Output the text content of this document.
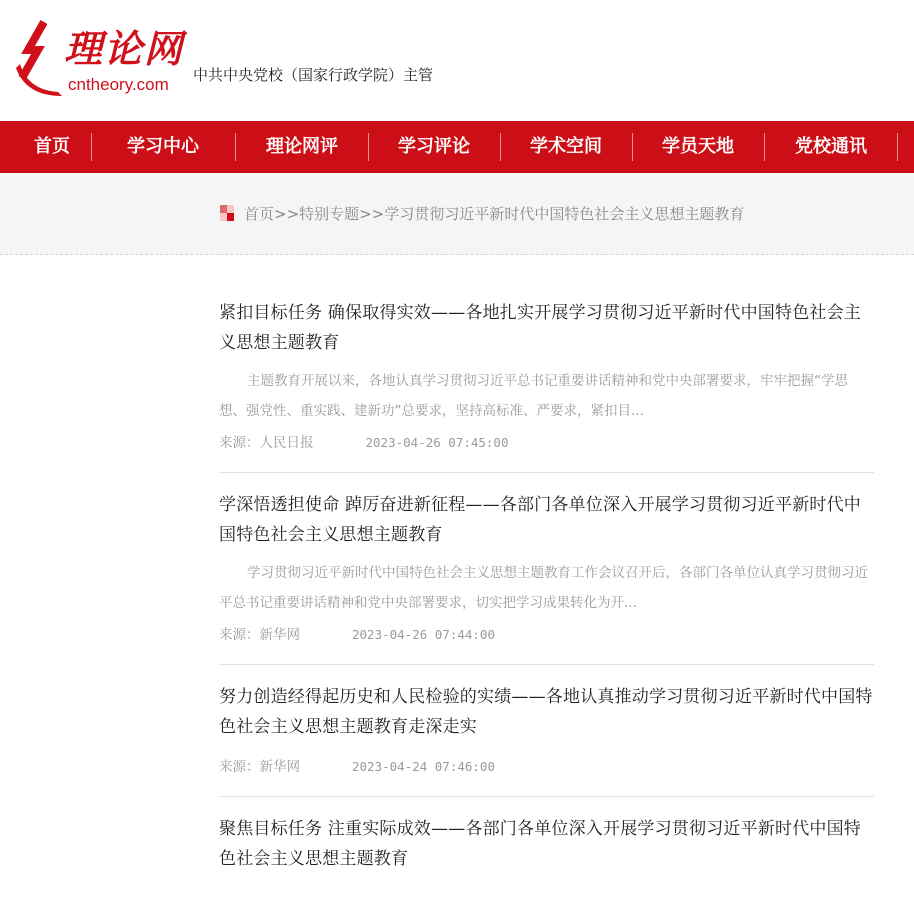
理论网
cntheory.com 中共中央党校（国家行政学院）主管
首页	学习中心	理论网评	学习评论	学术空间	学员天地	党校通讯
首页>>特别专题>>学习贯彻习近平新时代中国特色社会主义思想主题教育
紧扣目标任务 确保取得实效——各地扎实开展学习贯彻习近平新时代中国特色社会主义思想主题教育
主题教育开展以来，各地认真学习贯彻习近平总书记重要讲话精神和党中央部署要求，牢牢把握“学思想、强党性、重实践、建新功”总要求，坚持高标准、严要求，紧扣目...
来源：人民日报	2023-04-26 07:45:00
学深悟透担使命 踔厉奋进新征程——各部门各单位深入开展学习贯彻习近平新时代中国特色社会主义思想主题教育
学习贯彻习近平新时代中国特色社会主义思想主题教育工作会议召开后，各部门各单位认真学习贯彻习近平总书记重要讲话精神和党中央部署要求，切实把学习成果转化为开...
来源：新华网	2023-04-26 07:44:00
努力创造经得起历史和人民检验的实绩——各地认真推动学习贯彻习近平新时代中国特色社会主义思想主题教育走深走实
来源：新华网	2023-04-24 07:46:00
聚焦目标任务 注重实际成效——各部门各单位深入开展学习贯彻习近平新时代中国特色社会主义思想主题教育
